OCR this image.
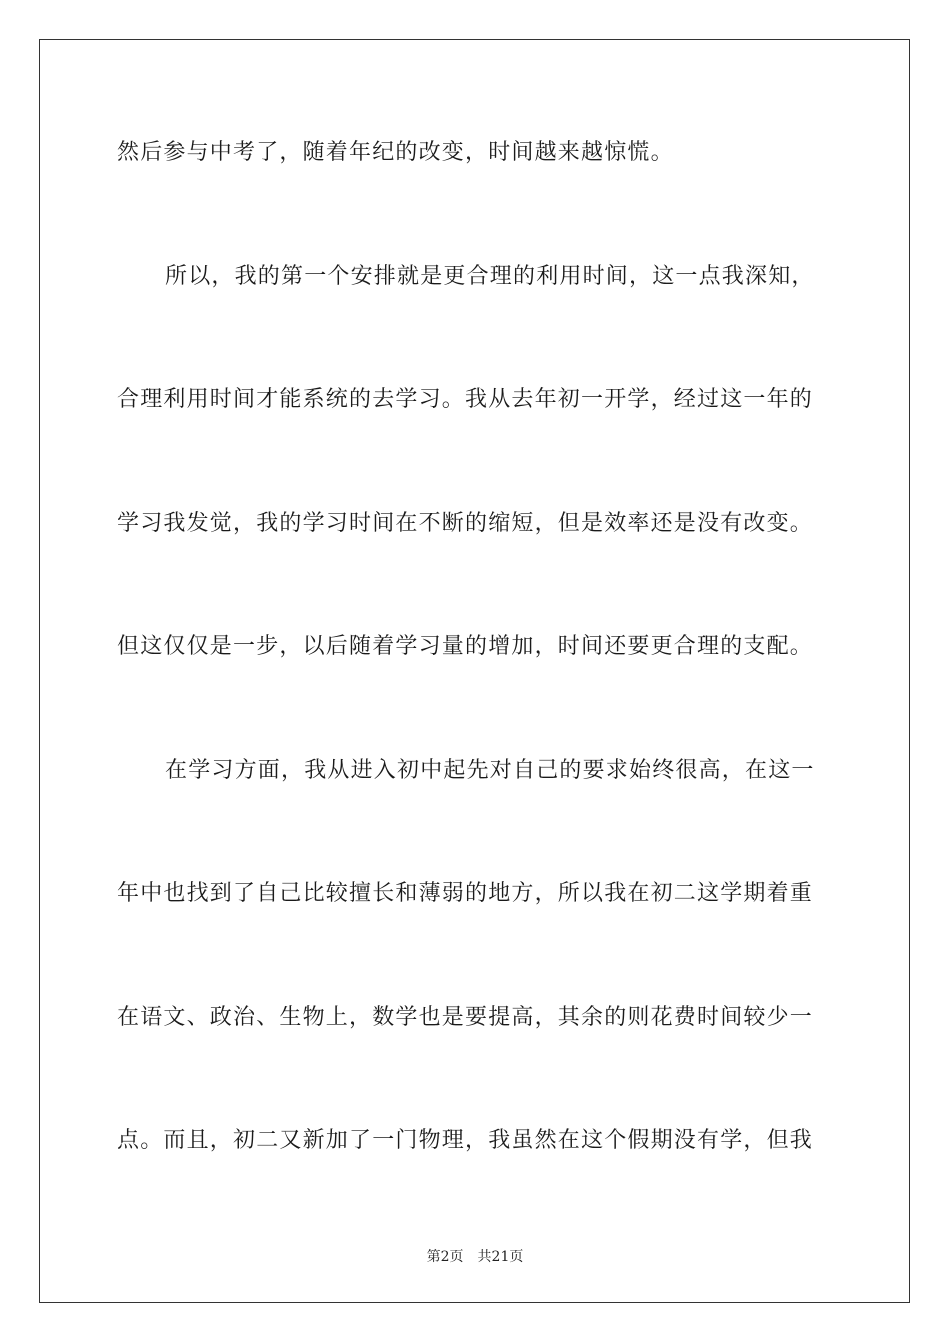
然后参与中考了，随着年纪的改变，时间越来越惊慌。
所以，我的第一个安排就是更合理的利用时间，这一点我深知，
合理利用时间才能系统的去学习。我从去年初一开学，经过这一年的
学习我发觉，我的学习时间在不断的缩短，但是效率还是没有改变。
但这仅仅是一步，以后随着学习量的增加，时间还要更合理的支配。
在学习方面，我从进入初中起先对自己的要求始终很高，在这一
年中也找到了自己比较擅长和薄弱的地方，所以我在初二这学期着重
在语文、政治、生物上，数学也是要提高，其余的则花费时间较少一
点。而且，初二又新加了一门物理，我虽然在这个假期没有学，但我
第2页 共21页
